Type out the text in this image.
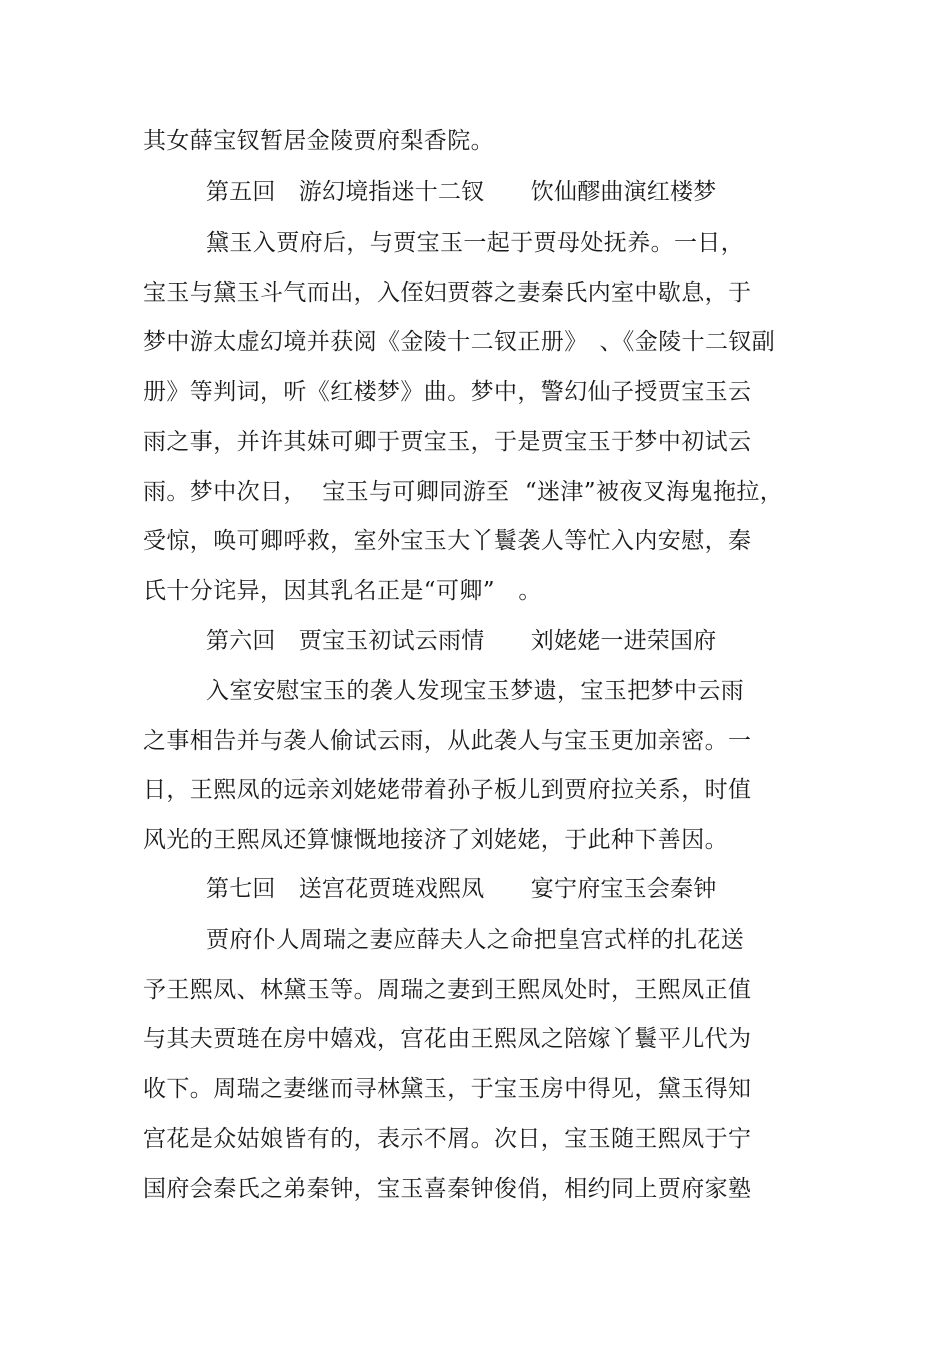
其女薛宝钗暂居金陵贾府梨香院。
第五回　游幻境指迷十二钗　　饮仙醪曲演红楼梦
黛玉入贾府后，与贾宝玉一起于贾母处抚养。一日，
宝玉与黛玉斗气而出，入侄妇贾蓉之妻秦氏内室中歇息，于
梦中游太虚幻境并获阅《金陵十二钗正册》　、《金陵十二钗副
册》等判词，听《红楼梦》曲。梦中，警幻仙子授贾宝玉云
雨之事，并许其妹可卿于贾宝玉，于是贾宝玉于梦中初试云
雨。梦中次日，  宝玉与可卿同游至  “迷津”被夜叉海鬼拖拉，
受惊，唤可卿呼救，室外宝玉大丫鬟袭人等忙入内安慰，秦
氏十分诧异，因其乳名正是“可卿”　。
第六回　贾宝玉初试云雨情　　刘姥姥一进荣国府
入室安慰宝玉的袭人发现宝玉梦遗，宝玉把梦中云雨
之事相告并与袭人偷试云雨，从此袭人与宝玉更加亲密。一
日，王熙凤的远亲刘姥姥带着孙子板儿到贾府拉关系，时值
风光的王熙凤还算慷慨地接济了刘姥姥，于此种下善因。
第七回　送宫花贾琏戏熙凤　　宴宁府宝玉会秦钟
贾府仆人周瑞之妻应薛夫人之命把皇宫式样的扎花送
予王熙凤、林黛玉等。周瑞之妻到王熙凤处时，王熙凤正值
与其夫贾琏在房中嬉戏，宫花由王熙凤之陪嫁丫鬟平儿代为
收下。周瑞之妻继而寻林黛玉，于宝玉房中得见，黛玉得知
宫花是众姑娘皆有的，表示不屑。次日，宝玉随王熙凤于宁
国府会秦氏之弟秦钟，宝玉喜秦钟俊俏，相约同上贾府家塾
